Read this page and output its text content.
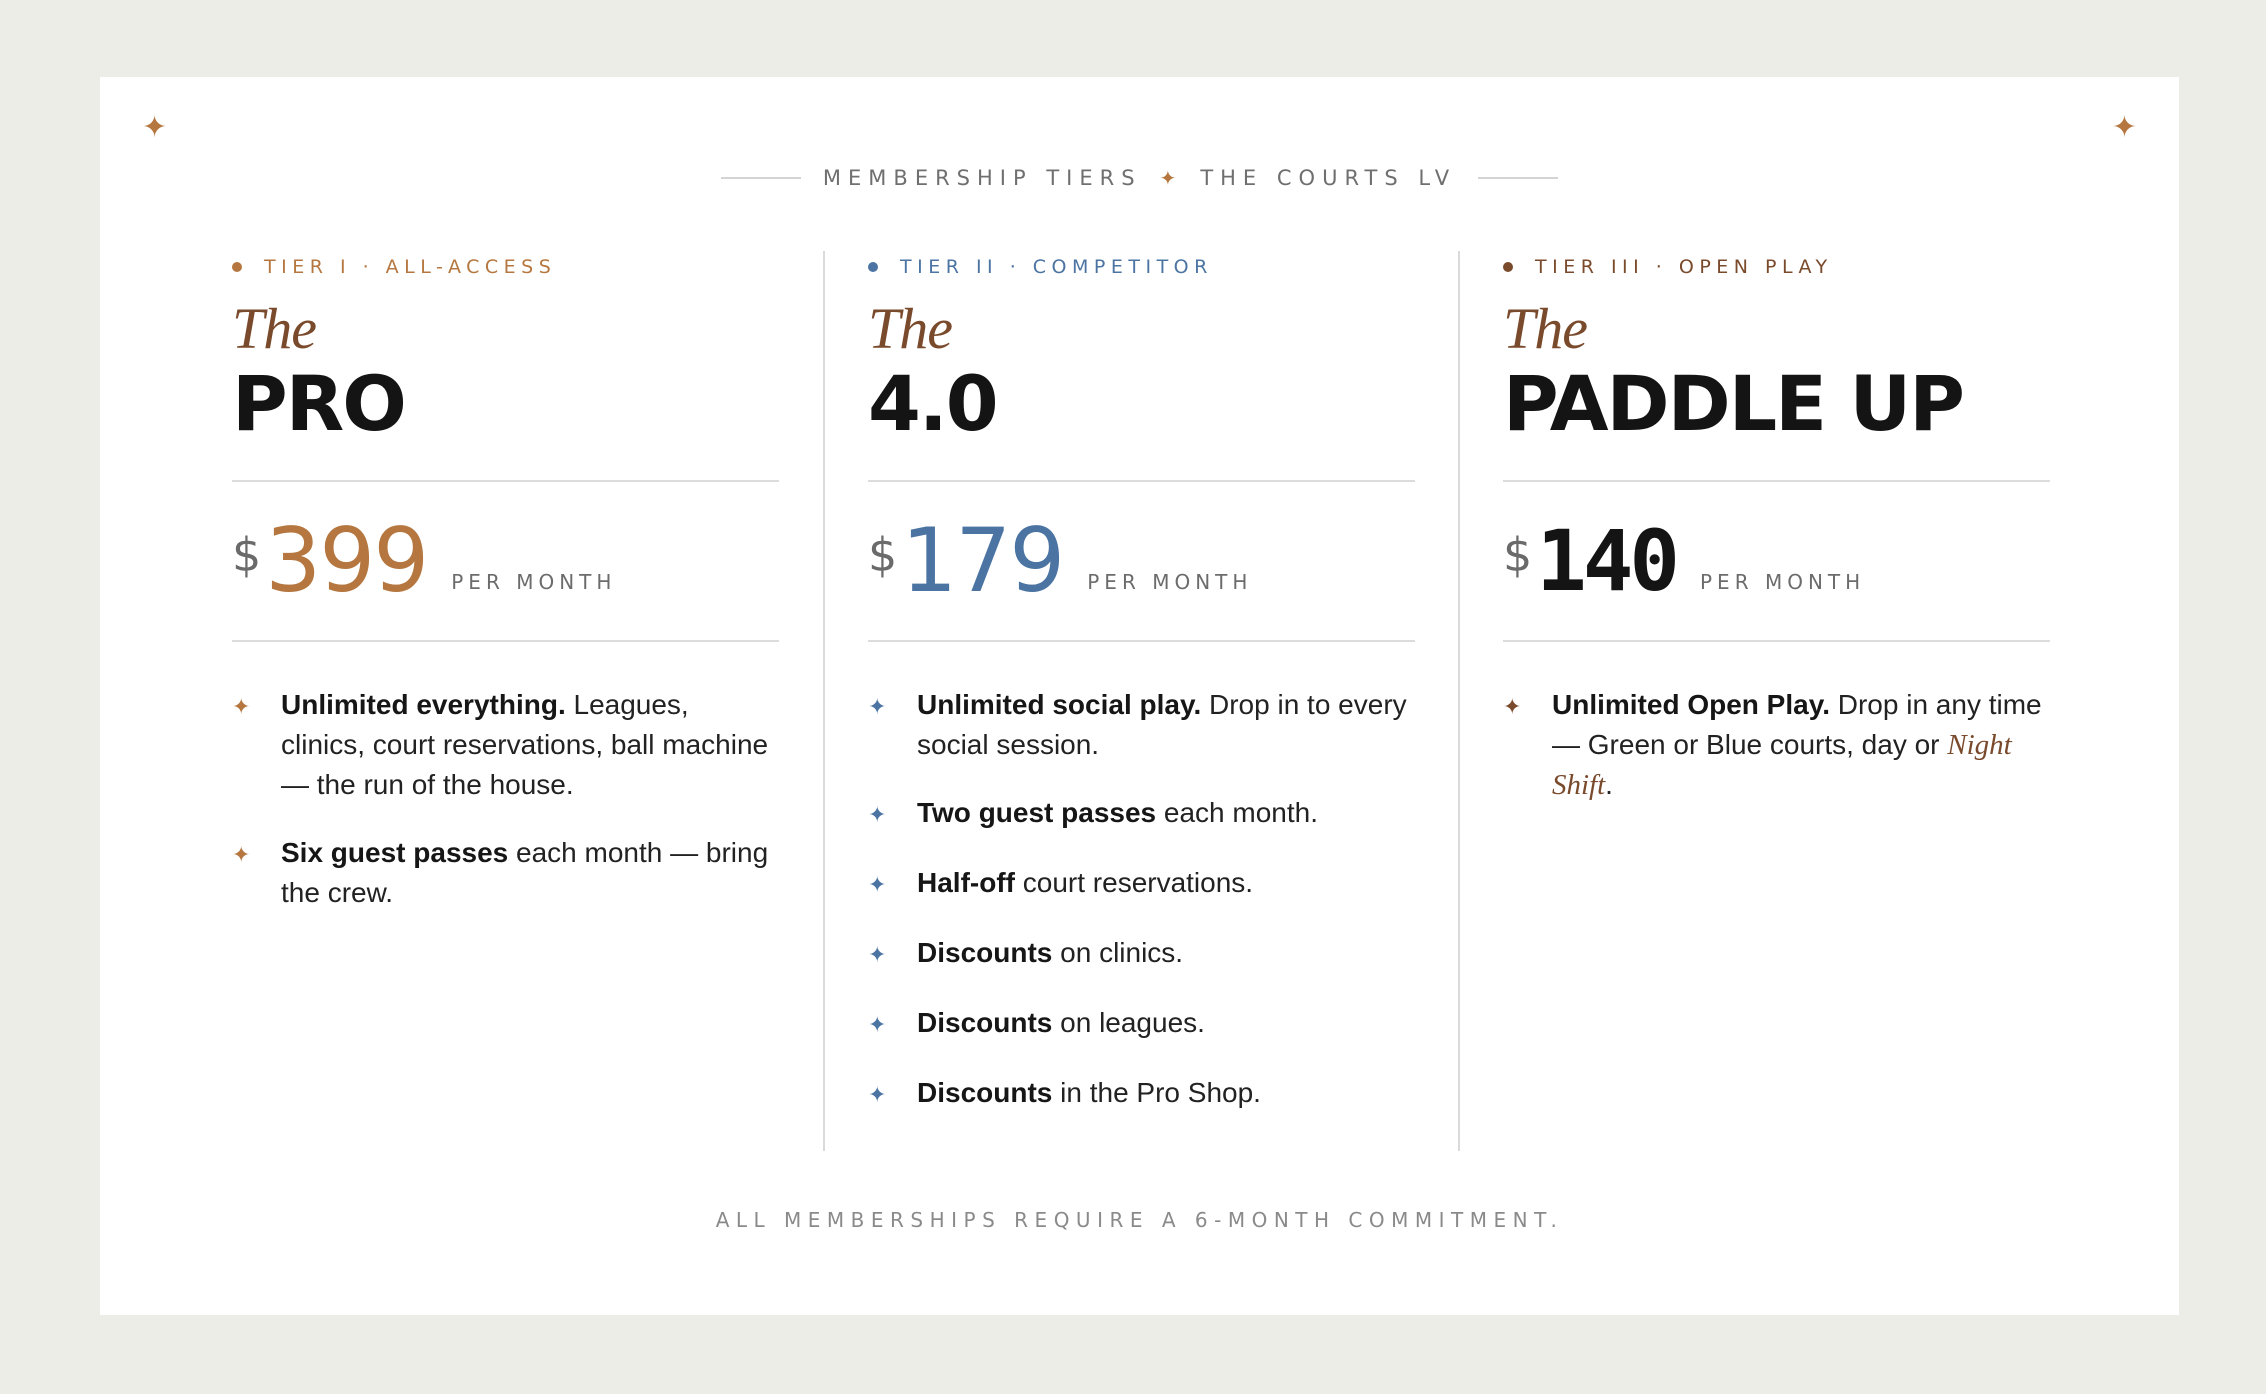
✦	✦
MEMBERSHIP TIERS ✦ THE COURTS LV
TIER I · ALL-ACCESS
The
PRO
$ 399 PER MONTH
✦	Unlimited everything. Leagues, clinics, court reservations, ball machine — the run of the house.
✦	Six guest passes each month — bring the crew.
TIER II · COMPETITOR
The
4.0
$ 179 PER MONTH
✦	Unlimited social play. Drop in to every social session.
✦	Two guest passes each month.
✦	Half-off court reservations.
✦	Discounts on clinics.
✦	Discounts on leagues.
✦	Discounts in the Pro Shop.
TIER III · OPEN PLAY
The
PADDLE UP
$ 140 PER MONTH
✦	Unlimited Open Play. Drop in any time — Green or Blue courts, day or Night Shift.
ALL MEMBERSHIPS REQUIRE A 6-MONTH COMMITMENT.
